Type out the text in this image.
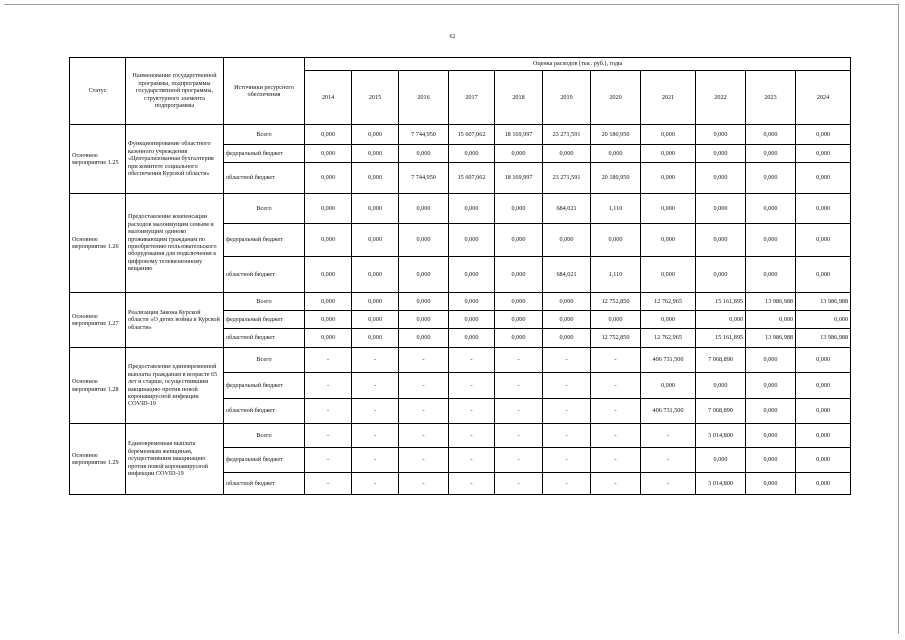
62
Статус	Наименование государственной программы, подпрограммы государственной программы, структурного элемента подпрограммы	Источники ресурсного обеспечения	Оценка расходов (тыс. руб.), годы										
			2014	2015	2016	2017	2018	2019	2020	2021	2022	2023	2024
Основное мероприятие 1.25	Функционирование областного казенного учреждения «Централизованная бухгалтерия при комитете социального обеспечения Курской области»	Всего	0,000	0,000	7 744,950	15 607,062	18 169,997	23 271,591	20 180,950	0,000	0,000	0,000	0,000
		федеральный бюджет	0,000	0,000	0,000	0,000	0,000	0,000	0,000	0,000	0,000	0,000	0,000
		областной бюджет	0,000	0,000	7 744,950	15 607,062	18 169,997	23 271,591	20 180,950	0,000	0,000	0,000	0,000
Основное мероприятие 1.26	Предоставление компенсации расходов малоимущим семьям и малоимущим одиноко проживающим гражданам по приобретению пользовательского оборудования для подключения к цифровому телевизионному вещанию	Всего	0,000	0,000	0,000	0,000	0,000	684,021	1,110	0,000	0,000	0,000	0,000
		федеральный бюджет	0,000	0,000	0,000	0,000	0,000	0,000	0,000	0,000	0,000	0,000	0,000
		областной бюджет	0,000	0,000	0,000	0,000	0,000	684,021	1,110	0,000	0,000	0,000	0,000
Основное мероприятие 1.27	Реализация Закона Курской области «О детях войны в Курской области»	Всего	0,000	0,000	0,000	0,000	0,000	0,000	12 752,850	12 762,965	15 161,895	13 986,988	13 986,988
		федеральный бюджет	0,000	0,000	0,000	0,000	0,000	0,000	0,000	0,000	0,000	0,000	0,000
		областной бюджет	0,000	0,000	0,000	0,000	0,000	0,000	12 752,850	12 762,965	15 161,895	13 986,988	13 986,988
Основное мероприятие 1.28	Предоставление единовременной выплаты гражданам в возрасте 65 лет и старше, осуществившим вакцинацию против новой коронавирусной инфекции COVID-19	Всего	-	-	-	-	-	-	-	406 731,500	7 068,890	0,000	0,000
		федеральный бюджет	-	-	-	-	-	-	-	0,000	0,000	0,000	0,000
		областной бюджет	-	-	-	-	-	-	-	406 731,500	7 068,890	0,000	0,000
Основное мероприятие 1.29	Единовременная выплата беременным женщинам, осуществившим вакцинацию против новой коронавирусной инфекции COVID-19	Всего	-	-	-	-	-	-	-	-	3 014,800	0,000	0,000
		федеральный бюджет	-	-	-	-	-	-	-	-	0,000	0,000	0,000
		областной бюджет	-	-	-	-	-	-	-	-	3 014,800	0,000	0,000
